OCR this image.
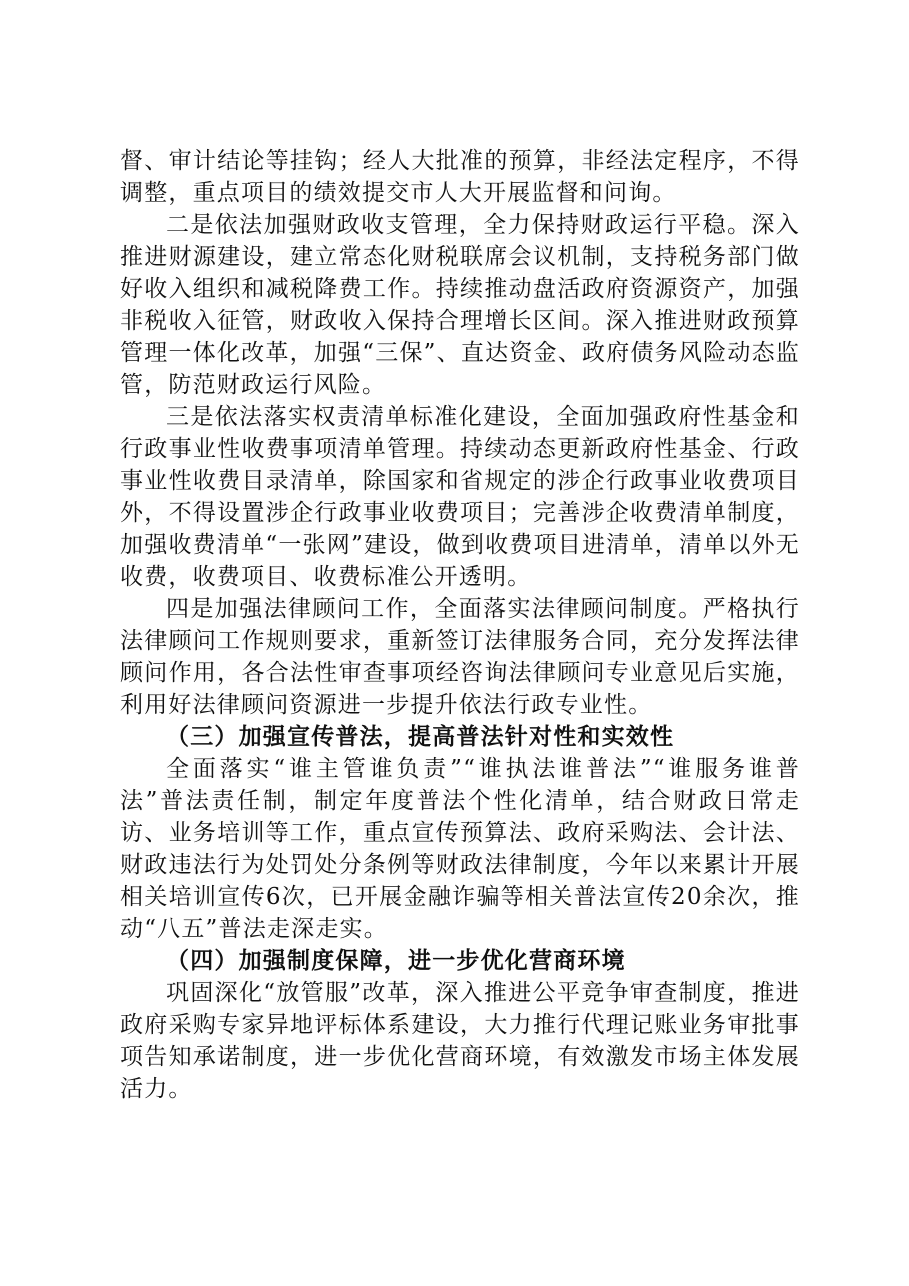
督、审计结论等挂钩；经人大批准的预算，非经法定程序，不得调整，重点项目的绩效提交市人大开展监督和问询。

二是依法加强财政收支管理，全力保持财政运行平稳。深入推进财源建设，建立常态化财税联席会议机制，支持税务部门做好收入组织和减税降费工作。持续推动盘活政府资源资产，加强非税收入征管，财政收入保持合理增长区间。深入推进财政预算管理一体化改革，加强“三保”、直达资金、政府债务风险动态监管，防范财政运行风险。

三是依法落实权责清单标准化建设，全面加强政府性基金和行政事业性收费事项清单管理。持续动态更新政府性基金、行政事业性收费目录清单，除国家和省规定的涉企行政事业收费项目外，不得设置涉企行政事业收费项目；完善涉企收费清单制度，加强收费清单“一张网”建设，做到收费项目进清单，清单以外无收费，收费项目、收费标准公开透明。

四是加强法律顾问工作，全面落实法律顾问制度。严格执行法律顾问工作规则要求，重新签订法律服务合同，充分发挥法律顾问作用，各合法性审查事项经咨询法律顾问专业意见后实施，利用好法律顾问资源进一步提升依法行政专业性。

（三）加强宣传普法，提高普法针对性和实效性

全面落实“谁主管谁负责”“谁执法谁普法”“谁服务谁普法”普法责任制，制定年度普法个性化清单，结合财政日常走访、业务培训等工作，重点宣传预算法、政府采购法、会计法、财政违法行为处罚处分条例等财政法律制度，今年以来累计开展相关培训宣传6次，已开展金融诈骗等相关普法宣传20余次，推动“八五”普法走深走实。

（四）加强制度保障，进一步优化营商环境

巩固深化“放管服”改革，深入推进公平竞争审查制度，推进政府采购专家异地评标体系建设，大力推行代理记账业务审批事项告知承诺制度，进一步优化营商环境，有效激发市场主体发展活力。
